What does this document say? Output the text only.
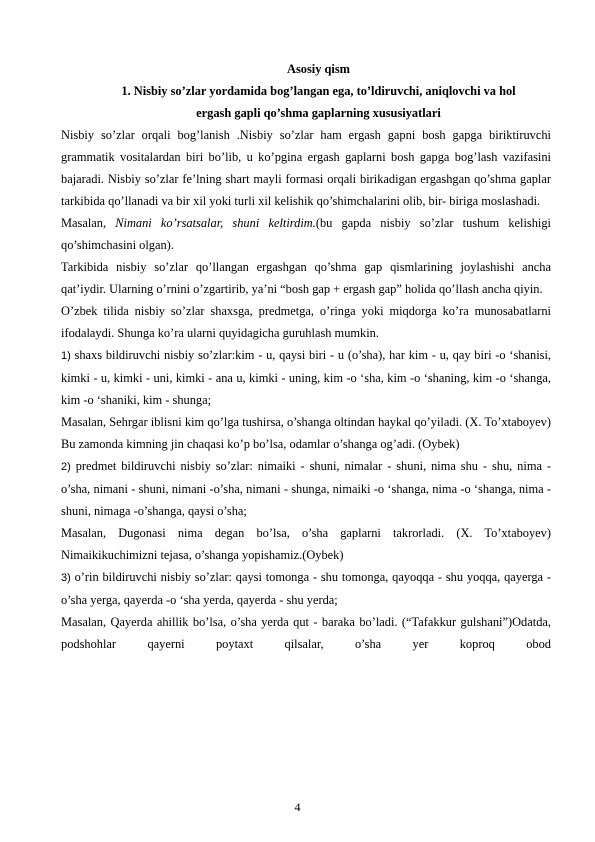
Asosiy qism

1. Nisbiy so’zlar yordamida bog’langan ega, to’ldiruvchi, aniqlovchi va hol ergash gapli qo’shma gaplarning xususiyatlari

Nisbiy so’zlar orqali bog’lanish .Nisbiy so’zlar ham ergash gapni bosh gapga biriktiruvchi grammatik vositalardan biri bo’lib, u ko’pgina ergash gaplarni bosh gapga bog’lash vazifasini bajaradi. Nisbiy so’zlar fe’lning shart mayli formasi orqali birikadigan ergashgan qo’shma gaplar tarkibida qo’llanadi va bir xil yoki turli xil kelishik qo’shimchalarini olib, bir- biriga moslashadi.

Masalan, Nimani ko’rsatsalar, shuni keltirdim.(bu gapda nisbiy so’zlar tushum kelishigi qo’shimchasini olgan).

Tarkibida nisbiy so’zlar qo’llangan ergashgan qo’shma gap qismlarining joylashishi ancha qat’iydir. Ularning o’rnini o’zgartirib, ya’ni “bosh gap + ergash gap” holida qo’llash ancha qiyin.

O’zbek tilida nisbiy so’zlar shaxsga, predmetga, o’ringa yoki miqdorga ko’ra munosabatlarni ifodalaydi. Shunga ko’ra ularni quyidagicha guruhlash mumkin.

1) shaxs bildiruvchi nisbiy so’zlar:kim - u, qaysi biri - u (o’sha), har kim - u, qay biri -o ‘shanisi, kimki - u, kimki - uni, kimki - ana u, kimki - uning, kim -o ‘sha, kim -o ‘shaning, kim -o ‘shanga, kim -o ‘shaniki, kim - shunga;

Masalan, Sehrgar iblisni kim qo’lga tushirsa, o’shanga oltindan haykal qo’yiladi. (X. To’xtaboyev) Bu zamonda kimning jin chaqasi ko’p bo’lsa, odamlar o’shanga og’adi. (Oybek)

2) predmet bildiruvchi nisbiy so’zlar: nimaiki - shuni, nimalar - shuni, nima shu - shu, nima -o’sha, nimani - shuni, nimani -o’sha, nimani - shunga, nimaiki -o ‘shanga, nima -o ‘shanga, nima - shuni, nimaga -o’shanga, qaysi o’sha;

Masalan, Dugonasi nima degan bo’lsa, o’sha gaplarni takrorladi. (X. To’xtaboyev) Nimaikikuchimizni tejasa, o’shanga yopishamiz.(Oybek)

3) o’rin bildiruvchi nisbiy so’zlar: qaysi tomonga - shu tomonga, qayoqqa - shu yoqqa, qayerga -o’sha yerga, qayerda -o ‘sha yerda, qayerda - shu yerda;

Masalan, Qayerda ahillik bo’lsa, o’sha yerda qut - baraka bo’ladi. (“Tafakkur gulshani”)Odatda, podshohlar qayerni poytaxt qilsalar, o’sha yer koproq obod

4
